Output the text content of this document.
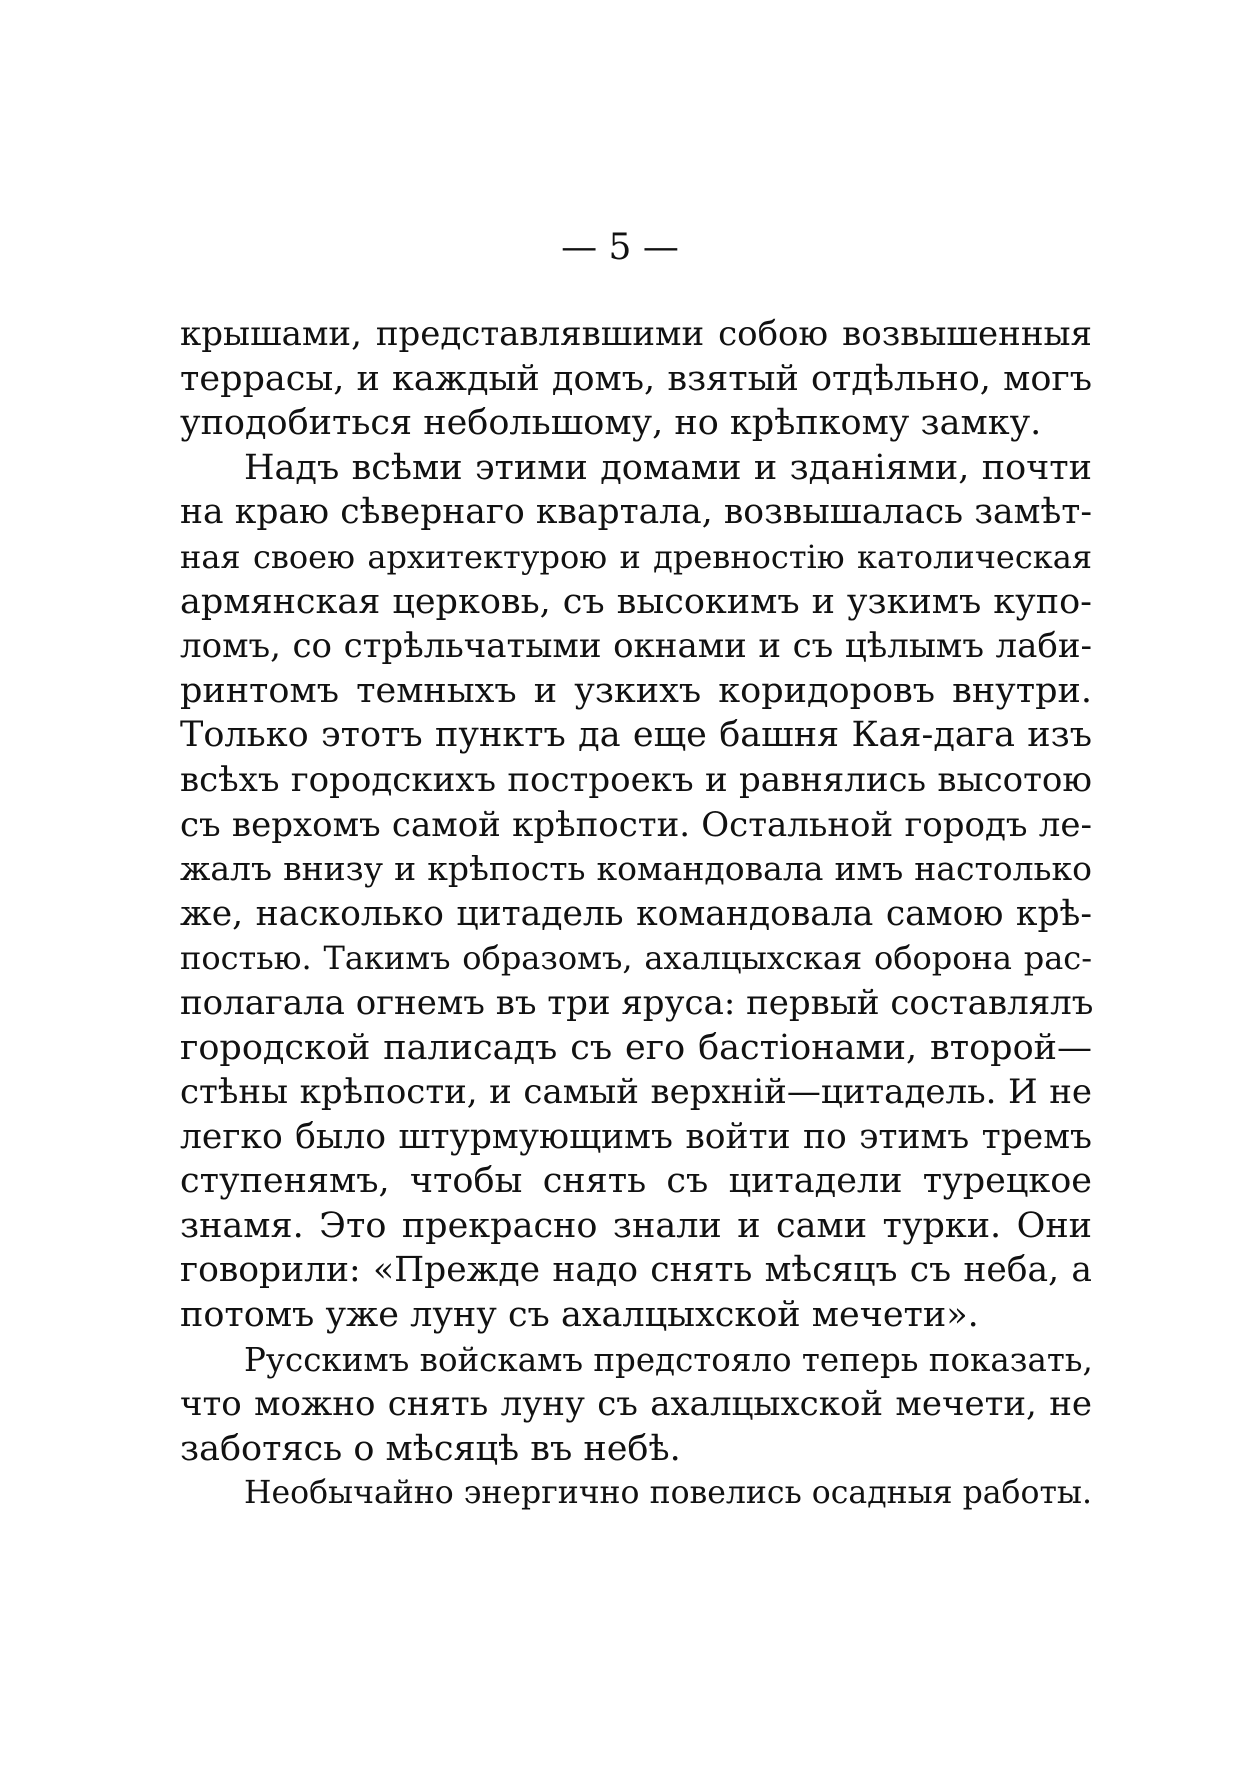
— 5 —
крышами, представлявшими собою возвышенныя
террасы, и каждый домъ, взятый отдѣльно, могъ
уподобиться небольшому, но крѣпкому замку.
Надъ всѣми этими домами и зданіями, почти
на краю сѣвернаго квартала, возвышалась замѣт-
ная своею архитектурою и древностію католическая
армянская церковь, съ высокимъ и узкимъ купо-
ломъ, со стрѣльчатыми окнами и съ цѣлымъ лаби-
ринтомъ темныхъ и узкихъ коридоровъ внутри.
Только этотъ пунктъ да еще башня Кая-дага изъ
всѣхъ городскихъ построекъ и равнялись высотою
съ верхомъ самой крѣпости. Остальной городъ ле-
жалъ внизу и крѣпость командовала имъ настолько
же, насколько цитадель командовала самою крѣ-
постью. Такимъ образомъ, ахалцыхская оборона рас-
полагала огнемъ въ три яруса: первый составлялъ
городской палисадъ съ его бастіонами, второй—
стѣны крѣпости, и самый верхній—цитадель. И не
легко было штурмующимъ войти по этимъ тремъ
ступенямъ, чтобы снять съ цитадели турецкое
знамя. Это прекрасно знали и сами турки. Они
говорили: «Прежде надо снять мѣсяцъ съ неба, а
потомъ уже луну съ ахалцыхской мечети».
Русскимъ войскамъ предстояло теперь показать,
что можно снять луну съ ахалцыхской мечети, не
заботясь о мѣсяцѣ въ небѣ.
Необычайно энергично повелись осадныя работы.
